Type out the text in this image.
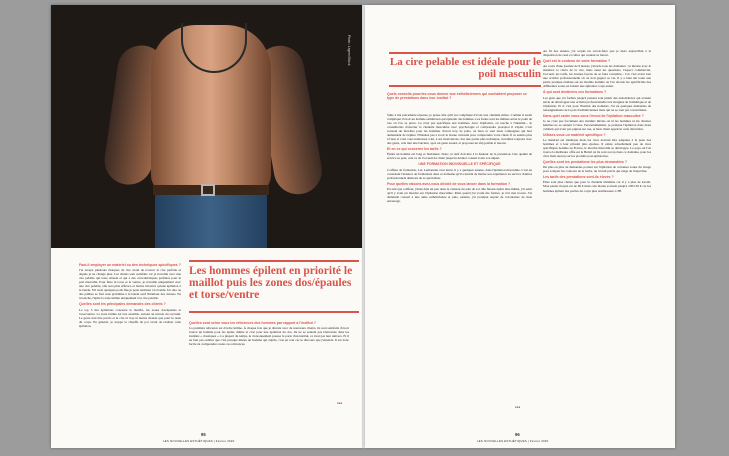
Photo : Legere/iStock
Les hommes épilent en priorité le maillot puis les zones dos/épaules et torse/ventre
Faut-il employer un matériel ou des techniques spécifiques ?

J'ai essayé plusieurs marques de cire avant de trouver la cire parfaite et depuis je ne change plus. Les clients sont satisfaits car je travaille avec une cire pelable qui reste chaude et qui a des caractéristiques parfaites pour le poil masculin. Pour faire le torse et le ventre, je travaille uniquement avec une cire pelable, elle sera plus efficace et moins invasive qu'une épilation à la bande. S'il reste quelques poils fins je peux terminer à la bande. Un duo ou des jambes se font sans problème à la bande sauf l'intérieur des cuisses. En revanche, l'épile la zone intime uniquement à la cire pelable.

Quelles sont les principales demandes des clients ?

Le top 3 des épilations concerne le maillot, les zones dos/épaules et torse/ventre. La zone intime est très sensible, surtout au niveau du scrotum. Le geste doit être précis et la cire ni trop ni moins chaude que pour le reste du corps. En général, je stoppe la chauffe du pot avant de réaliser cette épilation.

Quelles sont selon vous les réticences des hommes par rapport à l'institut ?

La première réticence est d'ordre intime. À chaque fois que je discute avec de nouveaux clients, ils sont satisfaits d'avoir trouvé un homme pour les épiler, même si c'est pour une épilation du dos. Ils ne se sentent pas bienvenus dans les instituts « classiques ». La plupart du temps, le cloisonnement pousse la porte d'un institut, ce n'est pas leur univers. Et il ne faut pas oublier que c'est presque mieux un homme qui s'épile, c'est en tout cas le discours que j'entends. Il est donc facile de comprendre toutes ces réticences.

•••
95
LES NOUVELLES ESTHÉTIQUES | Février 2020
La cire pelable est idéale pour le poil masculin
Quels conseils pourriez-vous donner aux esthéticiennes qui souhaitent proposer ce type de prestations dans leur institut ?

Suite à ma précédente réponse, je pense dire qu'il est compliqué d'avoir une clientèle mixte. Comme il serait compliqué d'avoir un homme esthéticien qui épilerait des femmes. Les freins sont les mêmes selon le point de vue où l'on se place. Ce n'est pas spécifique aux hommes. Avec l'épilation, on touche à l'intimité... Je conseillerais d'aborder la clientèle masculine avec psychologie et comprendre pourquoi il s'épile. C'est souvent un mal-être pour les hommes d'avoir trop de poils, ou bien ce sont leurs compagnes qui leur demandent de s'épiler. N'hésitez pas à avoir la bonne curiosité pour comprendre votre client. Il se sentira plus à l'aise si vous vous intéressez à lui, à ses motivations. Sur une partie plus technique, travaillez toujours avec des gants, cela met une barrière, ayez un geste assuré, et proposez un slip jetable si besoin.

Et en ce qui concerne les tarifs ?

Épiler un homme est long et fastidieux. Donc, le tarif doit être à la hauteur de la prestation. Une qualité de service se paie, cela va de l'accueil du client jusqu'au dernier conseil avant son départ.

UNE FORMATION INDIVIDUELLE ET SPÉCIFIQUE

Coiffeur de formation, Luc Lemonnier s'est lancé, il y a quelques années, dans l'épilation masculine. C'est en constatant l'absence de formations dans ce domaine qu'il a décidé de mettre son expérience au service d'autres professionnels désireux de se spécialiser.

Pour quelles raisons avez-vous décidé de vous lancer dans la formation ?

En tant que coiffeur, j'étais déjà un peu dans le créneau du soin de soi. Me faisant épiler moi-même, j'ai senti qu'il y avait un marché sur l'épilation masculine. Mais quand j'ai voulu me former, je n'ai rien trouvé. J'ai demandé conseil à une amie esthéticienne et puis, ensuite, j'ai pratiqué auprès de volontaires de mon entourage.

•••

Au fil des années, j'ai acquis un savoir-faire que je mets aujourd'hui à la disposition de ceux et celles qui veulent se lancer.

Quel est le contenu de votre formation ?

Au cours d'une journée de 9 heures, j'aborde tous les domaines : la théorie avec le matériel, le choix de la cire, mais aussi les questions, l'aspect commercial, l'accueil, les tarifs, les bonnes façons de se faire connaître... Car c'est avant tout une activité professionnelle où on doit gagner sa vie. Il y a bien sûr toute une partie pratique réalisée sur un modèle homme où l'on aborde les spécificités des différentes zones en faisant une épilation corps entier.

À qui sont destinées ces formations ?

Les gens que j'ai formés jusqu'à présent sont plutôt des autodidactes qui avaient envie de développer une activité professionnelle très éloignée de l'esthétique et de l'épilation. Et si c'est pour l'institut des hommes. J'ai eu quelques demandes de renseignements de la part d'esthéticiennes mais qui ne se sont pas concrétisées.

Dans quel cadre vous-vous l'envoi de l'épilation masculine ?

Je ne crois pas forcément aux instituts mixtes où ni les hommes ni les clientes femmes ne se sentent à l'aise. Personnellement, je pratique l'épilation dans deux cabinets qui n'ont pas pignon sur rue, et mon client apprécie cette discrétion.

Utilisez-vous un matériel spécifique ?

Le matériel est identique mais les cires doivent être adaptées à la peau des hommes et à leur pilosité plus épaisse. Il existe actuellement peu de cires spécifiques homme en France, le marché masculin se développe. Le paye-où l'on trouve la meilleure offre est le Brésil où ils sont au top dans ce domaine, pour les cires mais aussi pour les produits post-épilatoires.

Quelles sont les prestations les plus demandées ?

Du plus en plus de demandes portent sur l'épilation de certaines zones du visage pour sculpter les contours de la barbe, un travail précis qui exige de l'expertise.

Les tarifs des prestations sont-ils élevés ?

Elles sont plus chères que pour la clientèle féminine car il y a plus de travail. Mon panier moyen est de 60 € mais cela monte souvent jusqu'à 100/150 € car les hommes épilent des parties du corps plus nombreuses. LTB

96
LES NOUVELLES ESTHÉTIQUES | Février 2020
